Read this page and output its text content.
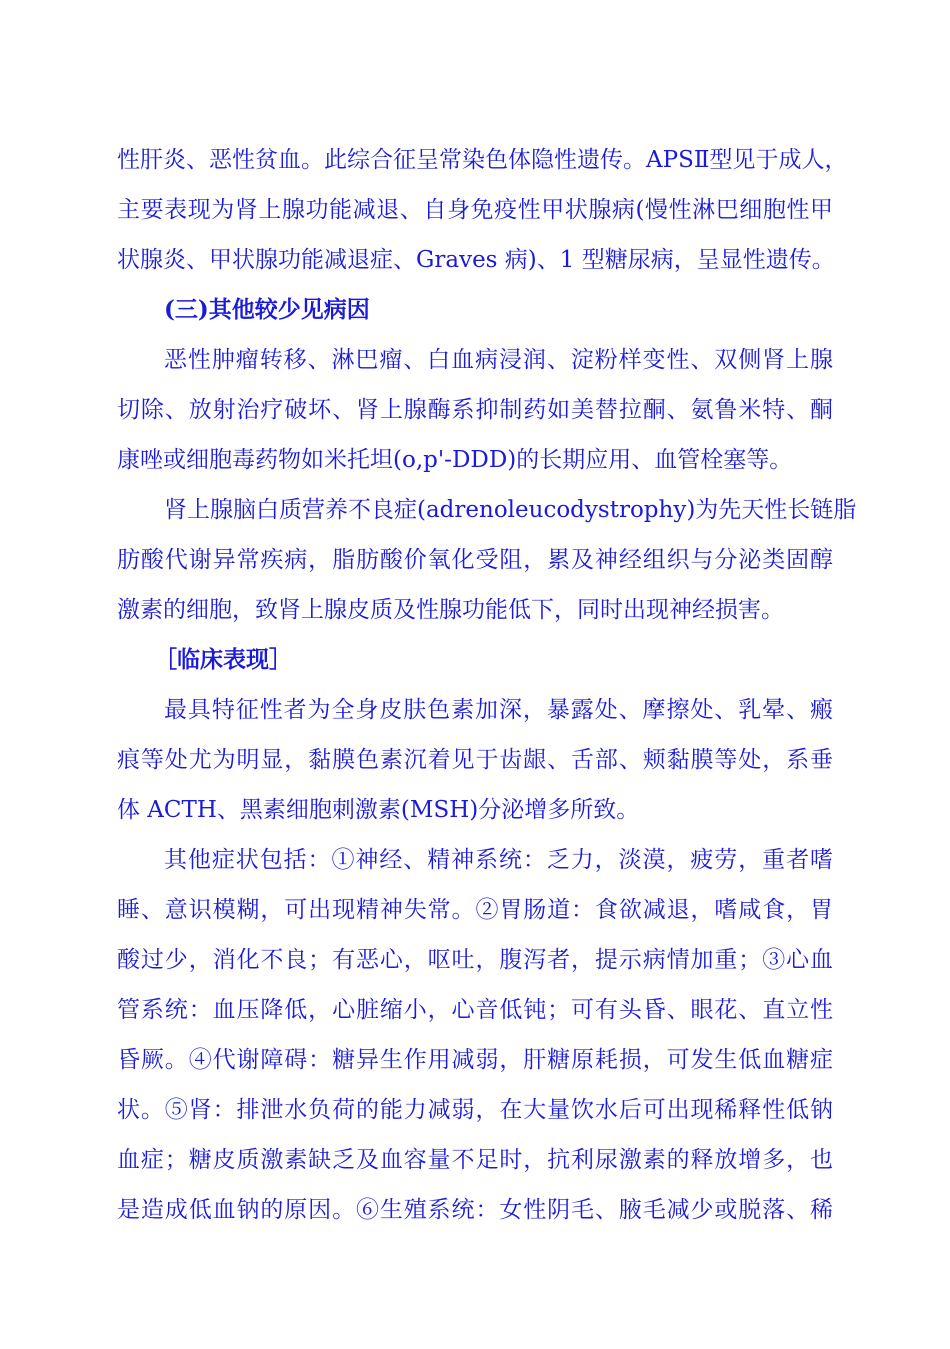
性肝炎、恶性贫血。此综合征呈常染色体隐性遗传。APSⅡ型见于成人，
主要表现为肾上腺功能减退、自身免疫性甲状腺病(慢性淋巴细胞性甲
状腺炎、甲状腺功能减退症、Graves 病)、1 型糖尿病，呈显性遗传。
(三)其他较少见病因
恶性肿瘤转移、淋巴瘤、白血病浸润、淀粉样变性、双侧肾上腺
切除、放射治疗破坏、肾上腺酶系抑制药如美替拉酮、氨鲁米特、酮
康唑或细胞毒药物如米托坦(o,p'-DDD)的长期应用、血管栓塞等。
肾上腺脑白质营养不良症(adrenoleucodystrophy)为先天性长链脂
肪酸代谢异常疾病，脂肪酸价氧化受阻，累及神经组织与分泌类固醇
激素的细胞，致肾上腺皮质及性腺功能低下，同时出现神经损害。
［临床表现］
最具特征性者为全身皮肤色素加深，暴露处、摩擦处、乳晕、瘢
痕等处尤为明显，黏膜色素沉着见于齿龈、舌部、颊黏膜等处，系垂
体 ACTH、黑素细胞刺激素(MSH)分泌增多所致。
其他症状包括：①神经、精神系统：乏力，淡漠，疲劳，重者嗜
睡、意识模糊，可出现精神失常。②胃肠道：食欲减退，嗜咸食，胃
酸过少，消化不良；有恶心，呕吐，腹泻者，提示病情加重；③心血
管系统：血压降低，心脏缩小，心音低钝；可有头昏、眼花、直立性
昏厥。④代谢障碍：糖异生作用减弱，肝糖原耗损，可发生低血糖症
状。⑤肾：排泄水负荷的能力减弱，在大量饮水后可出现稀释性低钠
血症；糖皮质激素缺乏及血容量不足时，抗利尿激素的释放增多，也
是造成低血钠的原因。⑥生殖系统：女性阴毛、腋毛减少或脱落、稀
